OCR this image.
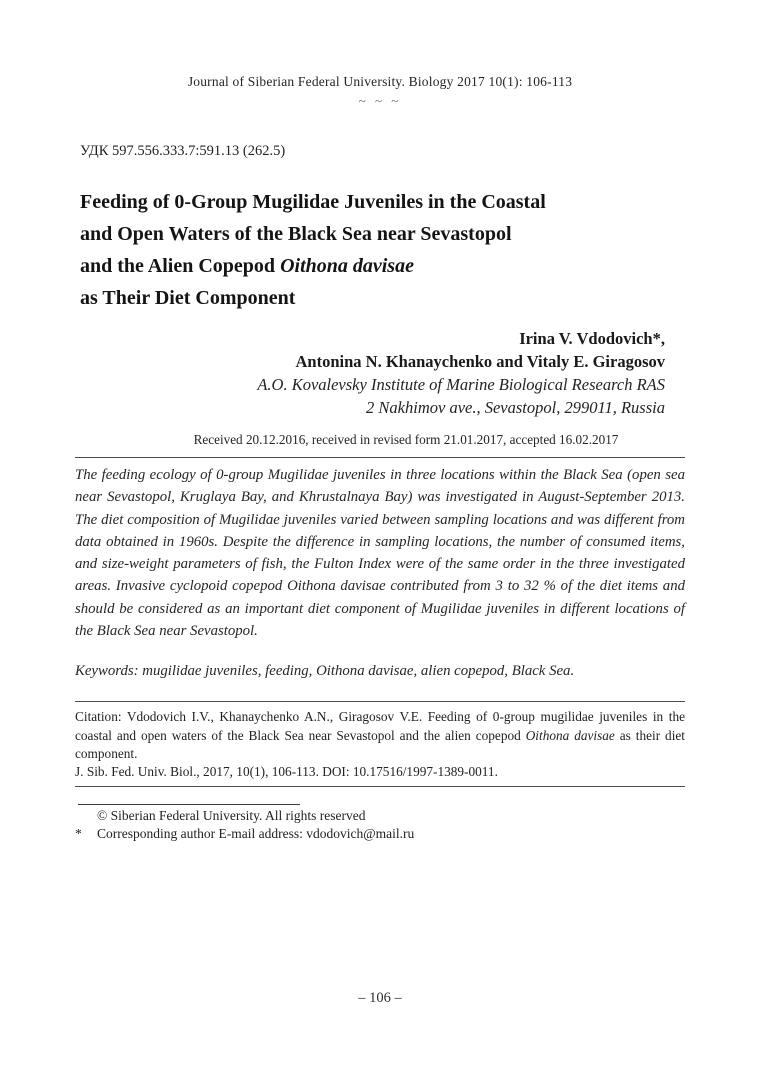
Journal of Siberian Federal University. Biology 2017 10(1): 106-113
~ ~ ~
УДК 597.556.333.7:591.13 (262.5)
Feeding of 0-Group Mugilidae Juveniles in the Coastal
and Open Waters of the Black Sea near Sevastopol
and the Alien Copepod Oithona davisae
as Their Diet Component
Irina V. Vdodovich*,
Antonina N. Khanaychenko and Vitaly E. Giragosov
A.O. Kovalevsky Institute of Marine Biological Research RAS
2 Nakhimov ave., Sevastopol, 299011, Russia
Received 20.12.2016, received in revised form 21.01.2017, accepted 16.02.2017

The feeding ecology of 0-group Mugilidae juveniles in three locations within the Black Sea (open sea near Sevastopol, Kruglaya Bay, and Khrustalnaya Bay) was investigated in August-September 2013. The diet composition of Mugilidae juveniles varied between sampling locations and was different from data obtained in 1960s. Despite the difference in sampling locations, the number of consumed items, and size-weight parameters of fish, the Fulton Index were of the same order in the three investigated areas. Invasive cyclopoid copepod Oithona davisae contributed from 3 to 32 % of the diet items and should be considered as an important diet component of Mugilidae juveniles in different locations of the Black Sea near Sevastopol.

Keywords: mugilidae juveniles, feeding, Oithona davisae, alien copepod, Black Sea.

Citation: Vdodovich I.V., Khanaychenko A.N., Giragosov V.E. Feeding of 0-group mugilidae juveniles in the coastal and open waters of the Black Sea near Sevastopol and the alien copepod Oithona davisae as their diet component.

J. Sib. Fed. Univ. Biol., 2017, 10(1), 106-113. DOI: 10.17516/1997-1389-0011.

© Siberian Federal University. All rights reserved
*	Corresponding author E-mail address: vdodovich@mail.ru
– 106 –
